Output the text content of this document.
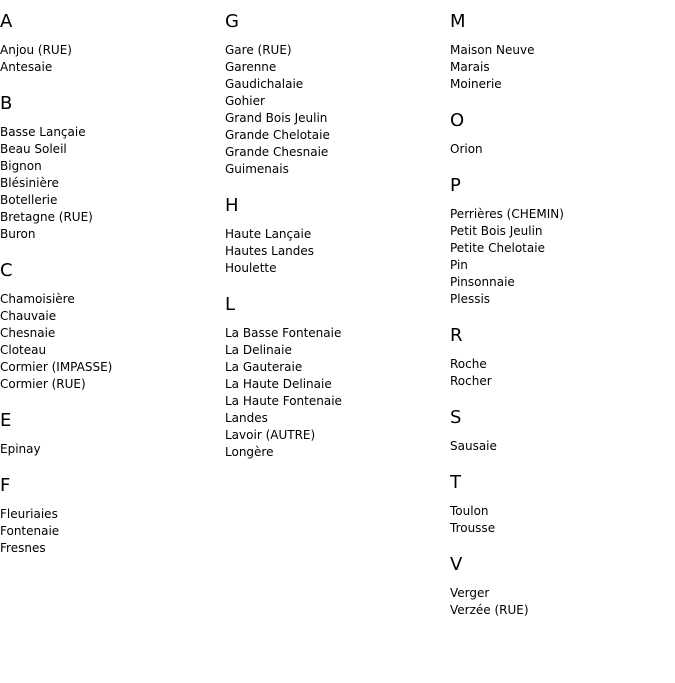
A
Anjou (RUE)
Antesaie
B
Basse Lançaie
Beau Soleil
Bignon
Blésinière
Botellerie
Bretagne (RUE)
Buron
C
Chamoisière
Chauvaie
Chesnaie
Cloteau
Cormier (IMPASSE)
Cormier (RUE)
E
Epinay
F
Fleuriaies
Fontenaie
Fresnes
G
Gare (RUE)
Garenne
Gaudichalaie
Gohier
Grand Bois Jeulin
Grande Chelotaie
Grande Chesnaie
Guimenais
H
Haute Lançaie
Hautes Landes
Houlette
L
La Basse Fontenaie
La Delinaie
La Gauteraie
La Haute Delinaie
La Haute Fontenaie
Landes
Lavoir (AUTRE)
Longère
M
Maison Neuve
Marais
Moinerie
O
Orion
P
Perrières (CHEMIN)
Petit Bois Jeulin
Petite Chelotaie
Pin
Pinsonnaie
Plessis
R
Roche
Rocher
S
Sausaie
T
Toulon
Trousse
V
Verger
Verzée (RUE)
